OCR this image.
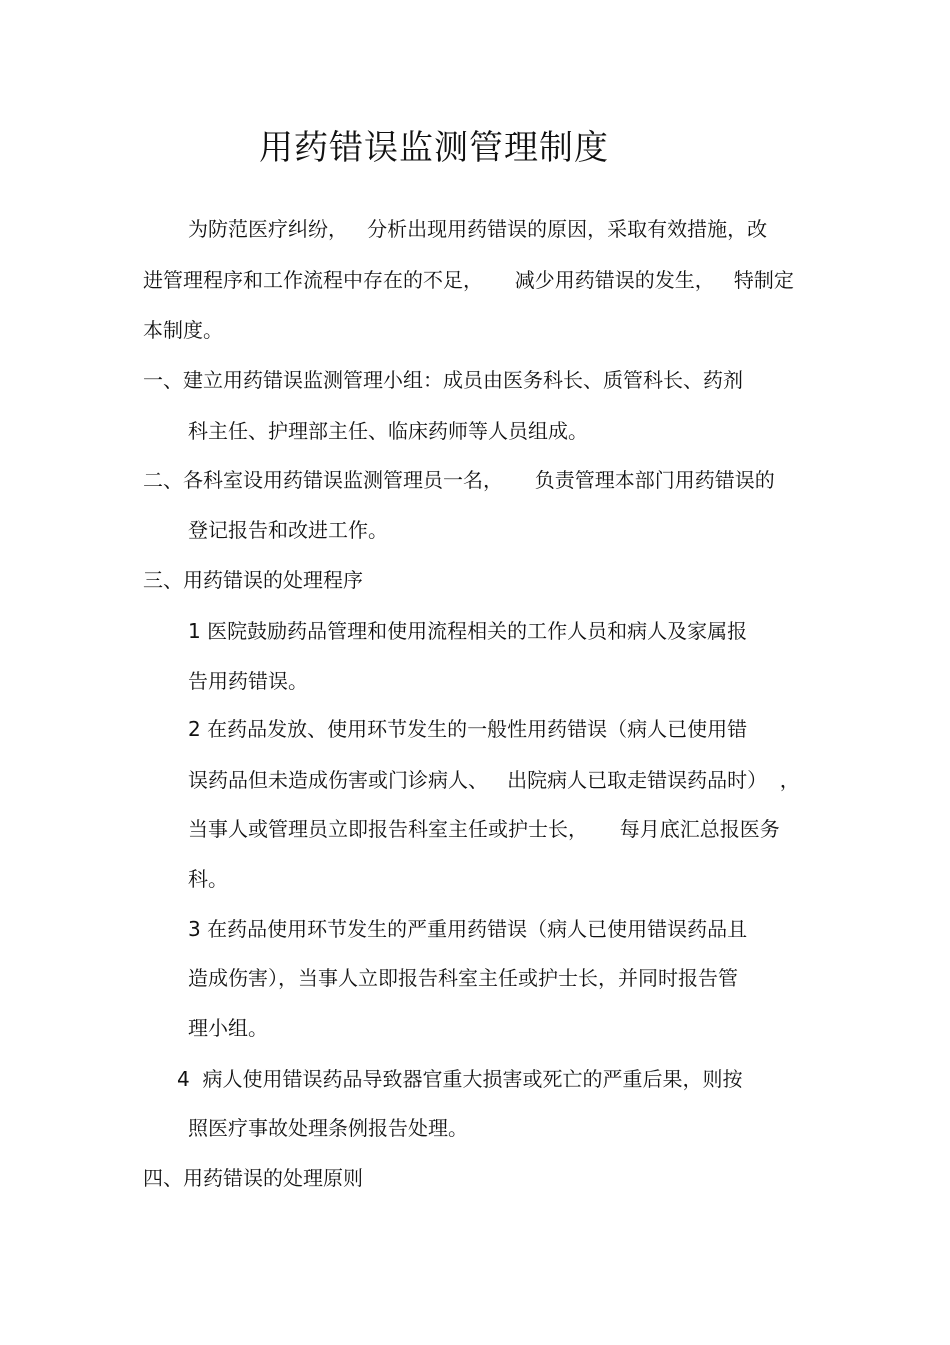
用药错误监测管理制度
为防范医疗纠纷，   分析出现用药错误的原因，采取有效措施，改
进管理程序和工作流程中存在的不足，     减少用药错误的发生，   特制定
本制度。
一、建立用药错误监测管理小组：成员由医务科长、质管科长、药剂
科主任、护理部主任、临床药师等人员组成。
二、各科室设用药错误监测管理员一名，     负责管理本部门用药错误的
登记报告和改进工作。
三、用药错误的处理程序
1 医院鼓励药品管理和使用流程相关的工作人员和病人及家属报
告用药错误。
2 在药品发放、使用环节发生的一般性用药错误（病人已使用错
误药品但未造成伤害或门诊病人、   出院病人已取走错误药品时）  ，
当事人或管理员立即报告科室主任或护士长，     每月底汇总报医务
科。
3 在药品使用环节发生的严重用药错误（病人已使用错误药品且
造成伤害），当事人立即报告科室主任或护士长，并同时报告管
理小组。
4  病人使用错误药品导致器官重大损害或死亡的严重后果，则按
照医疗事故处理条例报告处理。
四、用药错误的处理原则
